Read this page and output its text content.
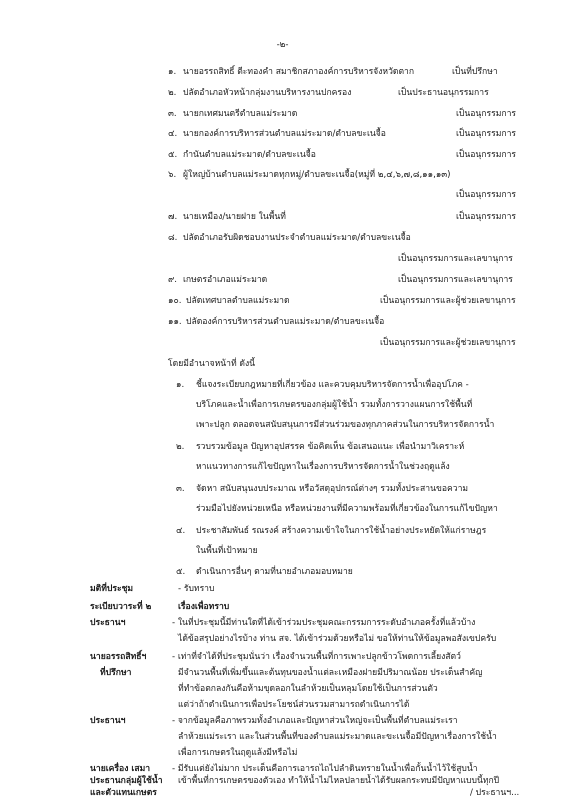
-๒-
๑. นายอรรถสิทธิ์ ตีะทองคำ สมาชิกสภาองค์การบริหารจังหวัดตาก	เป็นที่ปรึกษา
๒. ปลัดอำเภอหัวหน้ากลุ่มงานบริหารงานปกครอง	เป็นประธานอนุกรรมการ
๓. นายกเทศมนตรีตำบลแม่ระมาด	เป็นอนุกรรมการ
๔. นายกองค์การบริหารส่วนตำบลแม่ระมาด/ตำบลขะเนจื้อ	เป็นอนุกรรมการ
๕. กำนันตำบลแม่ระมาด/ตำบลขะเนจื้อ	เป็นอนุกรรมการ
๖. ผู้ใหญ่บ้านตำบลแม่ระมาดทุกหมู่/ตำบลขะเนจื้อ(หมู่ที่ ๒,๔,๖,๗,๘,๑๑,๑๓)
เป็นอนุกรรมการ
๗. นายเหมือง/นายฝาย ในพื้นที่	เป็นอนุกรรมการ
๘. ปลัดอำเภอรับผิดชอบงานประจำตำบลแม่ระมาด/ตำบลขะเนจื้อ
เป็นอนุกรรมการและเลขานุการ
๙. เกษตรอำเภอแม่ระมาด	เป็นอนุกรรมการและเลขานุการ
๑๐. ปลัดเทศบาลตำบลแม่ระมาด	เป็นอนุกรรมการและผู้ช่วยเลขานุการ
๑๑. ปลัดองค์การบริหารส่วนตำบลแม่ระมาด/ตำบลขะเนจื้อ
เป็นอนุกรรมการและผู้ช่วยเลขานุการ
โดยมีอำนาจหน้าที่ ดังนี้
๑. ชี้แจงระเบียบกฎหมายที่เกี่ยวข้อง และควบคุมบริหารจัดการน้ำเพื่ออุปโภค -
บริโภคและน้ำเพื่อการเกษตรของกลุ่มผู้ใช้น้ำ รวมทั้งการวางแผนการใช้พื้นที่
เพาะปลูก ตลอดจนสนับสนุนการมีส่วนร่วมของทุกภาคส่วนในการบริหารจัดการน้ำ
๒. รวบรวมข้อมูล ปัญหาอุปสรรค ข้อคิดเห็น ข้อเสนอแนะ เพื่อนำมาวิเคราะห์
หาแนวทางการแก้ไขปัญหาในเรื่องการบริหารจัดการน้ำในช่วงฤดูแล้ง
๓. จัดหา สนับสนุนงบประมาณ หรือวัสดุอุปกรณ์ต่างๆ รวมทั้งประสานขอความ
ร่วมมือไปยังหน่วยเหนือ หรือหน่วยงานที่มีความพร้อมที่เกี่ยวข้องในการแก้ไขปัญหา
๔. ประชาสัมพันธ์ รณรงค์ สร้างความเข้าใจในการใช้น้ำอย่างประหยัดให้แก่ราษฎร
ในพื้นที่เป้าหมาย
๕. ดำเนินการอื่นๆ ตามที่นายอำเภอมอบหมาย
มติที่ประชุม	- รับทราบ
ระเบียบวาระที่ ๒	เรื่องเพื่อทราบ
ประธานฯ	- ในที่ประชุมนี้มีท่านใดที่ได้เข้าร่วมประชุมคณะกรรมการระดับอำเภอครั้งที่แล้วบ้าง
ได้ข้อสรุปอย่างไรบ้าง ท่าน สจ. ได้เข้าร่วมด้วยหรือไม่ ขอให้ท่านให้ข้อมูลพอสังเขปครับ
นายอรรถสิทธิ์ฯ
ที่ปรึกษา
- เท่าที่จำได้ที่ประชุมนั่นว่า เรื่องจำนวนพื้นที่การเพาะปลูกข้าวโพดการเลี้ยงสัตว์
มีจำนวนพื้นที่เพิ่มขึ้นและต้นทุนของน้ำแต่ละเหมืองฝายมีปริมาณน้อย ประเด็นสำคัญ
ที่ทำข้อตกลงกันคือห้ามขุดลอกในลำห้วยเป็นหลุมโดยใช้เป็นการส่วนตัว
แต่ว่าถ้าดำเนินการเพื่อประโยชน์ส่วนรวมสามารถดำเนินการได้
ประธานฯ	- จากข้อมูลคือภาพรวมทั้งอำเภอและปัญหาส่วนใหญ่จะเป็นพื้นที่ตำบลแม่ระเรา
ลำห้วยแม่ระเรา และในส่วนพื้นที่ของตำบลแม่ระมาดและขะเนจื้อมีปัญหาเรื่องการใช้น้ำ
เพื่อการเกษตรในฤดูแล้งมีหรือไม่
นายเครื่อง เสมา
ประธานกลุ่มผู้ใช้น้ำ
และตัวแทนเกษตร
- มีรับแต่ยังไม่มาก ประเด็นคือการเอารถไถไปลำดินทรายในน้ำเพื่อกั้นน้ำไว้ใช้สูบน้ำ
เข้าพื้นที่การเกษตรของตัวเอง ทำให้น้ำไม่ไหลปลายน้ำได้รับผลกระทบมีปัญหาแบบนี้ทุกปี
/ ประธานฯ...
